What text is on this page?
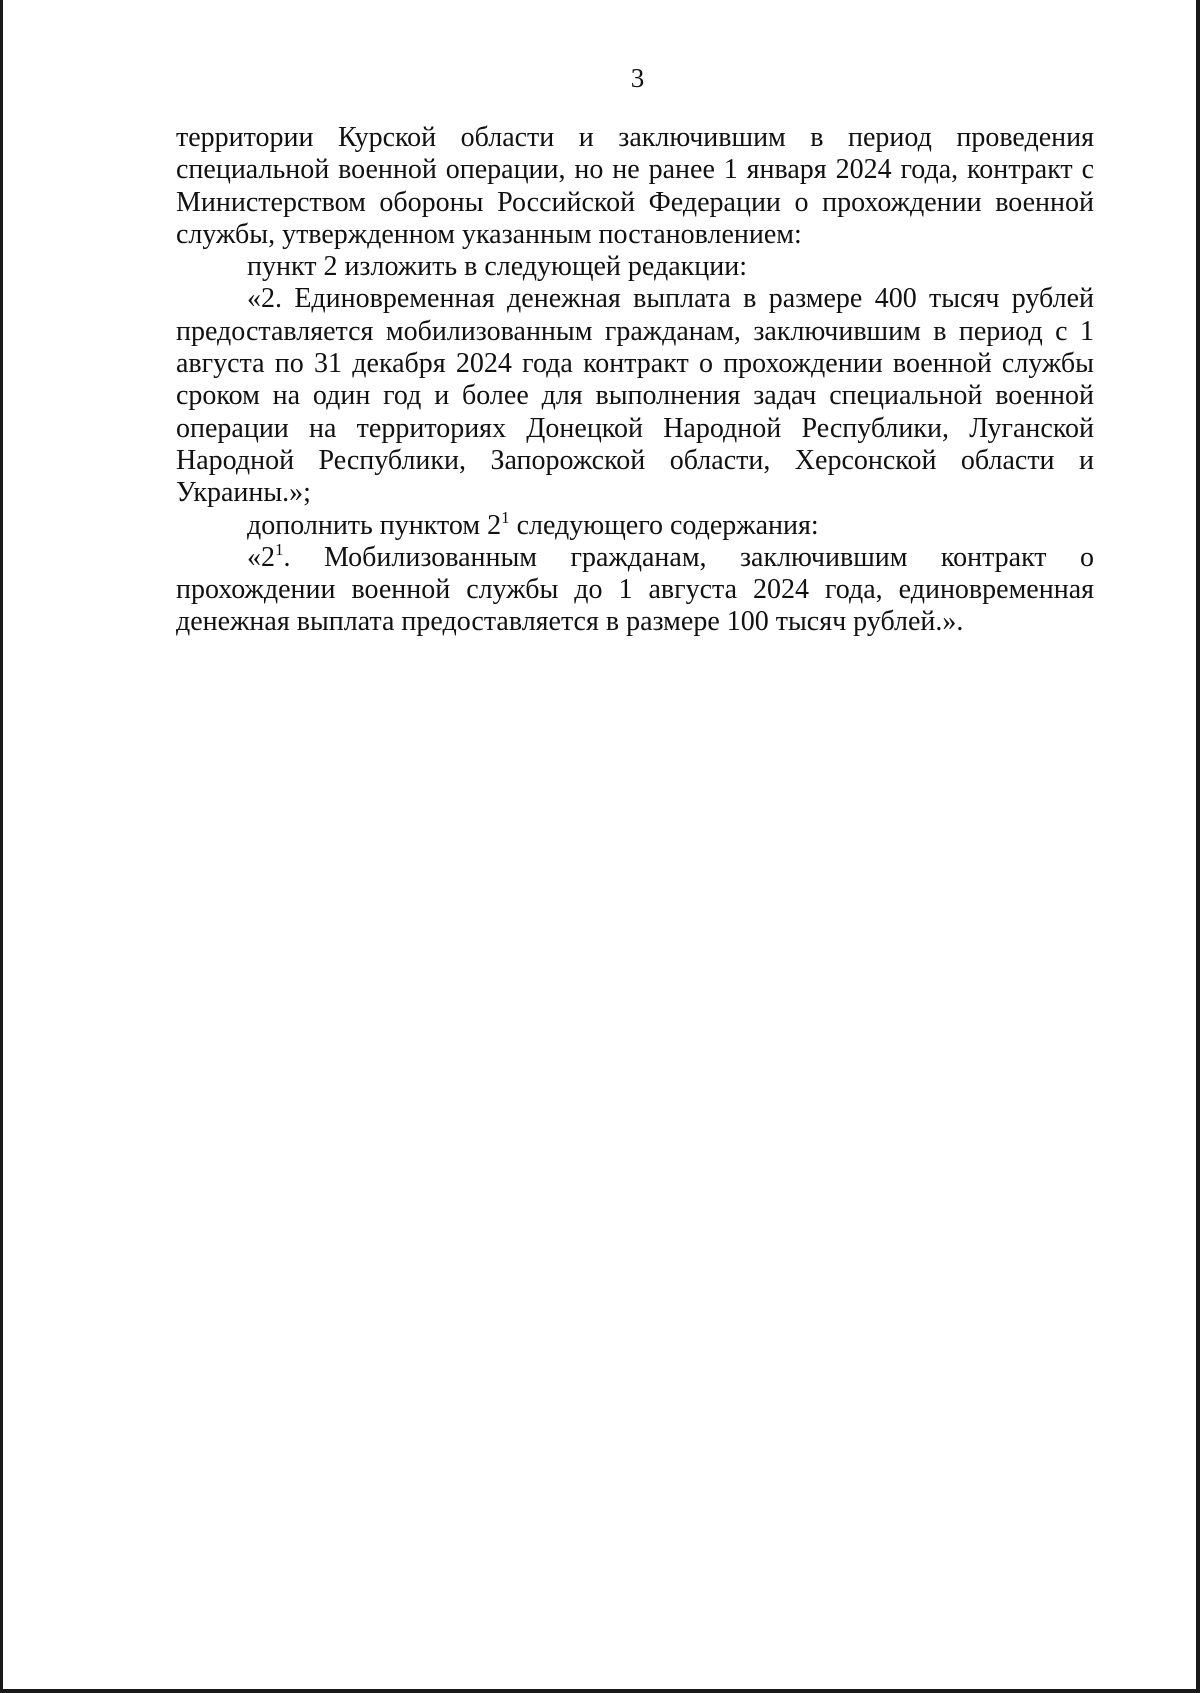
3

территории Курской области и заключившим в период проведения специальной военной операции, но не ранее 1 января 2024 года, контракт с Министерством обороны Российской Федерации о прохождении военной службы, утвержденном указанным постановлением:

пункт 2 изложить в следующей редакции:

«2. Единовременная денежная выплата в размере 400 тысяч рублей предоставляется мобилизованным гражданам, заключившим в период с 1 августа по 31 декабря 2024 года контракт о прохождении военной службы сроком на один год и более для выполнения задач специальной военной операции на территориях Донецкой Народной Республики, Луганской Народной Республики, Запорожской области, Херсонской области и Украины.»;

дополнить пунктом $2^1$ следующего содержания:

«$2^1$. Мобилизованным гражданам, заключившим контракт о прохождении военной службы до 1 августа 2024 года, единовременная денежная выплата предоставляется в размере 100 тысяч рублей.».
